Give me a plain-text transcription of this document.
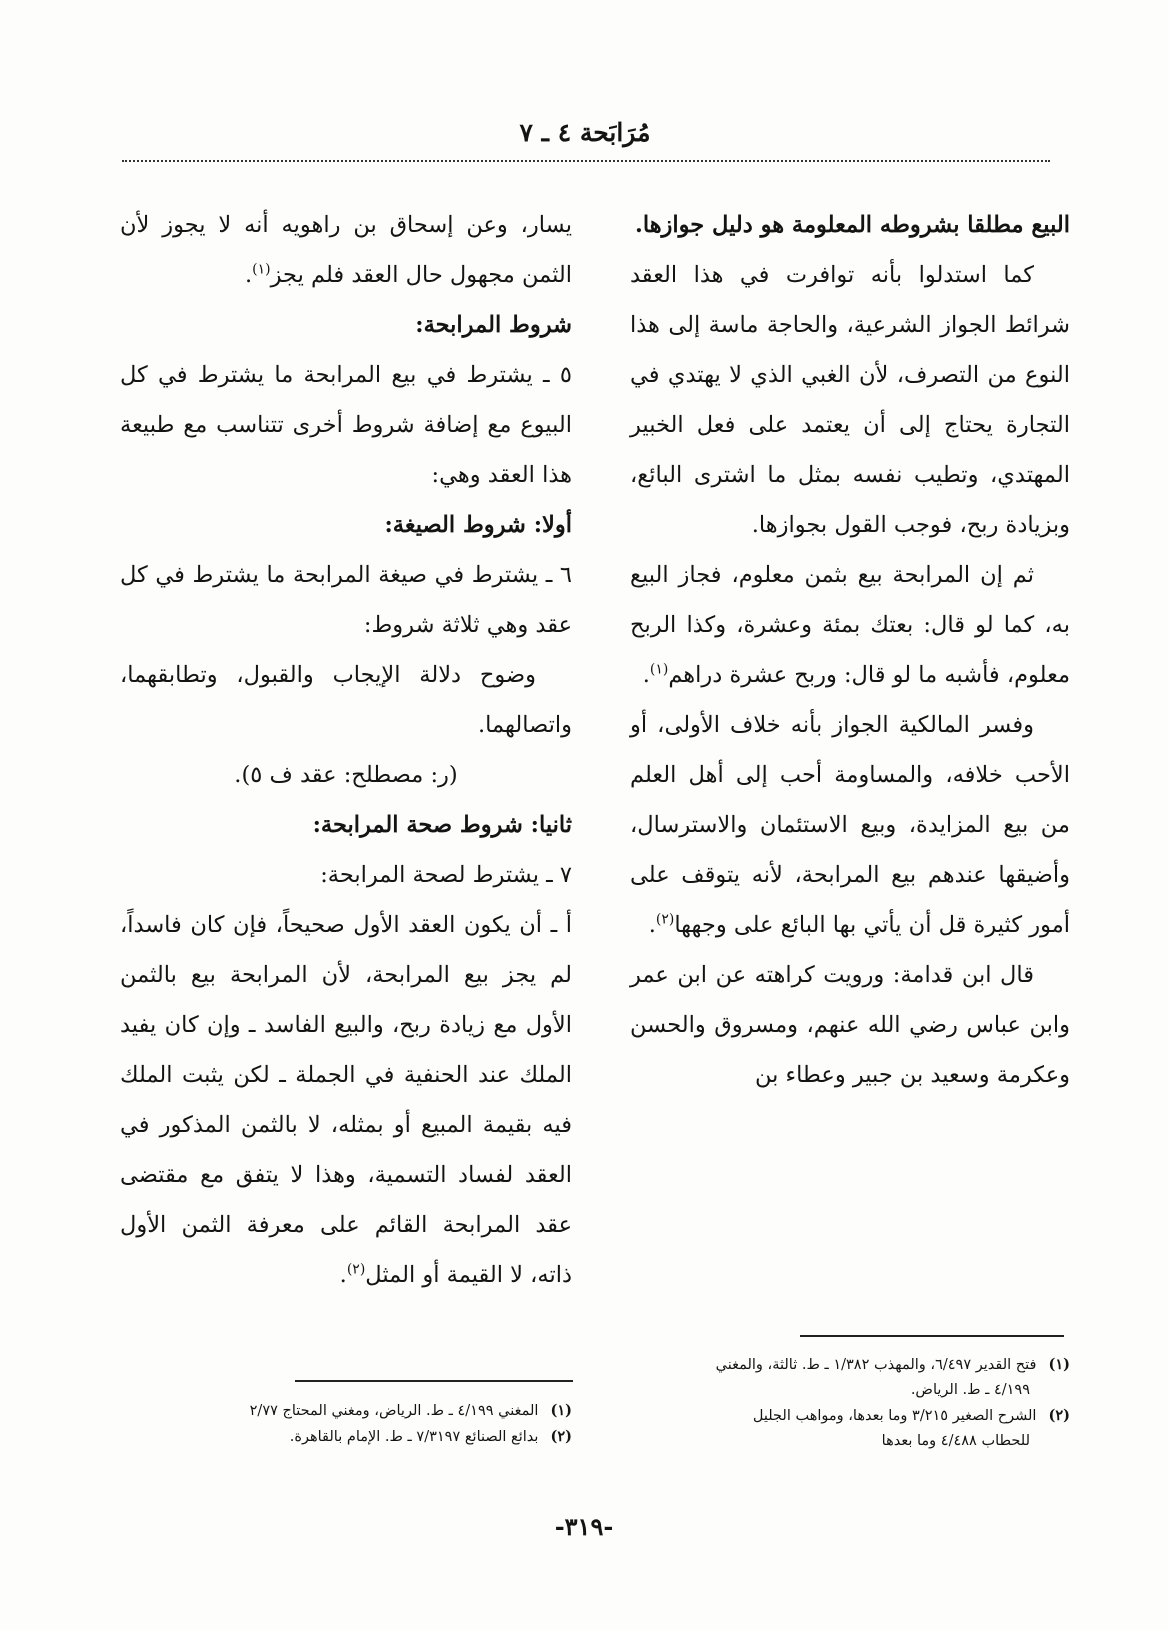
مُرَابَحة ٤ ـ ٧

البيع مطلقا بشروطه المعلومة هو دليل جوازها.

كما استدلوا بأنه توافرت في هذا العقد شرائط الجواز الشرعية، والحاجة ماسة إلى هذا النوع من التصرف، لأن الغبي الذي لا يهتدي في التجارة يحتاج إلى أن يعتمد على فعل الخبير المهتدي، وتطيب نفسه بمثل ما اشترى البائع، وبزيادة ربح، فوجب القول بجوازها.

ثم إن المرابحة بيع بثمن معلوم، فجاز البيع به، كما لو قال: بعتك بمئة وعشرة، وكذا الربح معلوم، فأشبه ما لو قال: وربح عشرة دراهم$^{(١)}$.

وفسر المالكية الجواز بأنه خلاف الأولى، أو الأحب خلافه، والمساومة أحب إلى أهل العلم من بيع المزايدة، وبيع الاستئمان والاسترسال، وأضيقها عندهم بيع المرابحة، لأنه يتوقف على أمور كثيرة قل أن يأتي بها البائع على وجهها$^{(٢)}$.

قال ابن قدامة: ورويت كراهته عن ابن عمر وابن عباس رضي الله عنهم، ومسروق والحسن وعكرمة وسعيد بن جبير وعطاء بن

يسار، وعن إسحاق بن راهويه أنه لا يجوز لأن الثمن مجهول حال العقد فلم يجز$^{(١)}$.

شروط المرابحة:

٥ ـ يشترط في بيع المرابحة ما يشترط في كل البيوع مع إضافة شروط أخرى تتناسب مع طبيعة هذا العقد وهي:

أولا: شروط الصيغة:

٦ ـ يشترط في صيغة المرابحة ما يشترط في كل عقد وهي ثلاثة شروط:

وضوح دلالة الإيجاب والقبول، وتطابقهما، واتصالهما.

(ر: مصطلح: عقد ف ٥).

ثانيا: شروط صحة المرابحة:

٧ ـ يشترط لصحة المرابحة:

أ ـ أن يكون العقد الأول صحيحاً، فإن كان فاسداً، لم يجز بيع المرابحة، لأن المرابحة بيع بالثمن الأول مع زيادة ربح، والبيع الفاسد ـ وإن كان يفيد الملك عند الحنفية في الجملة ـ لكن يثبت الملك فيه بقيمة المبيع أو بمثله، لا بالثمن المذكور في العقد لفساد التسمية، وهذا لا يتفق مع مقتضى عقد المرابحة القائم على معرفة الثمن الأول ذاته، لا القيمة أو المثل$^{(٢)}$.

(١)فتح القدير ٦/٤٩٧، والمهذب ١/٣٨٢ ـ ط. ثالثة، والمغني
٤/١٩٩ ـ ط. الرياض.
(٢)الشرح الصغير ٣/٢١٥ وما بعدها، ومواهب الجليل
للحطاب ٤/٤٨٨ وما بعدها
(١)المغني ٤/١٩٩ ـ ط. الرياض، ومغني المحتاج ٢/٧٧
(٢)بدائع الصنائع ٧/٣١٩٧ ـ ط. الإمام بالقاهرة.
-٣١٩-
